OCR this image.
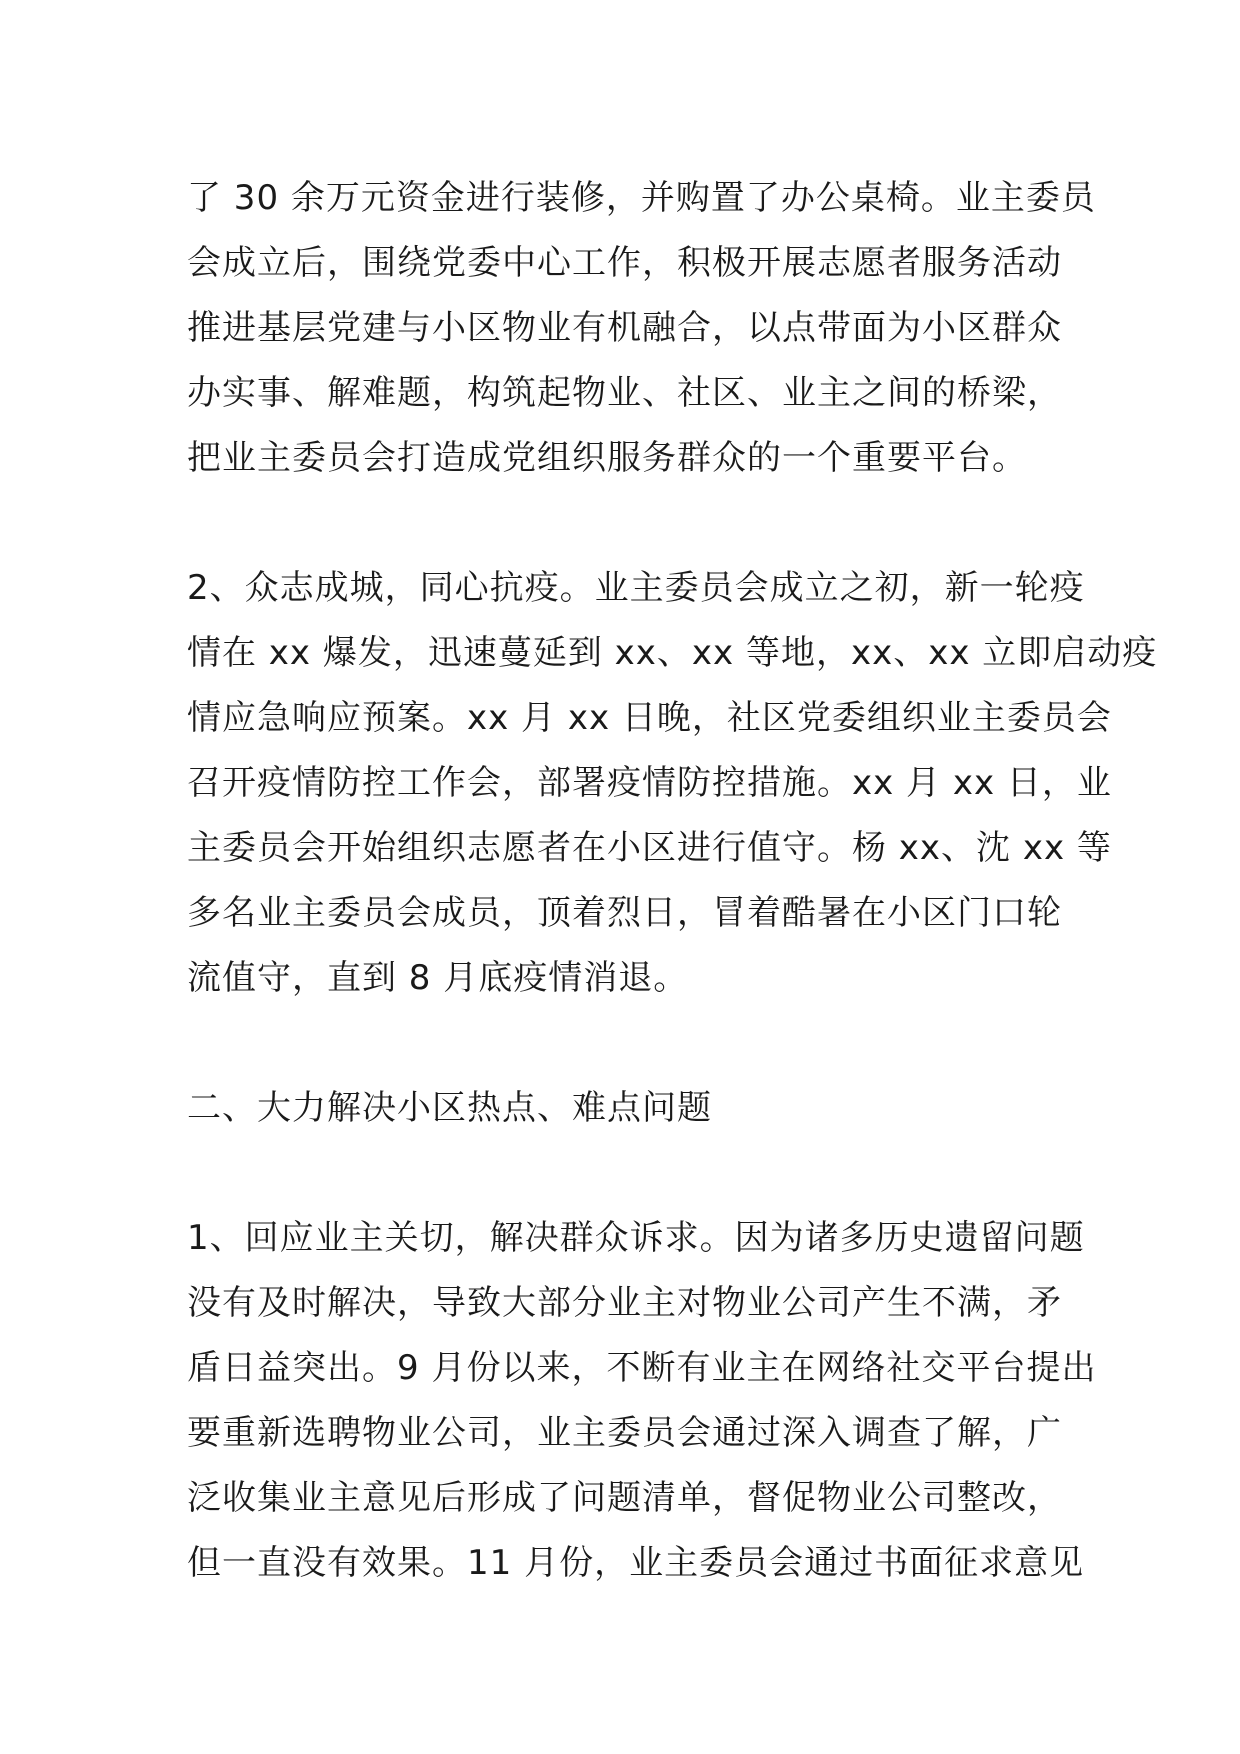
了 30 余万元资金进行装修，并购置了办公桌椅。业主委员
会成立后，围绕党委中心工作，积极开展志愿者服务活动
推进基层党建与小区物业有机融合，以点带面为小区群众
办实事、解难题，构筑起物业、社区、业主之间的桥梁，
把业主委员会打造成党组织服务群众的一个重要平台。
2、众志成城，同心抗疫。业主委员会成立之初，新一轮疫
情在 xx 爆发，迅速蔓延到 xx、xx 等地，xx、xx 立即启动疫
情应急响应预案。xx 月 xx 日晚，社区党委组织业主委员会
召开疫情防控工作会，部署疫情防控措施。xx 月 xx 日，业
主委员会开始组织志愿者在小区进行值守。杨 xx、沈 xx 等
多名业主委员会成员，顶着烈日，冒着酷暑在小区门口轮
流值守，直到 8 月底疫情消退。
二、大力解决小区热点、难点问题
1、回应业主关切，解决群众诉求。因为诸多历史遗留问题
没有及时解决，导致大部分业主对物业公司产生不满，矛
盾日益突出。9 月份以来，不断有业主在网络社交平台提出
要重新选聘物业公司，业主委员会通过深入调查了解，广
泛收集业主意见后形成了问题清单，督促物业公司整改，
但一直没有效果。11 月份，业主委员会通过书面征求意见
